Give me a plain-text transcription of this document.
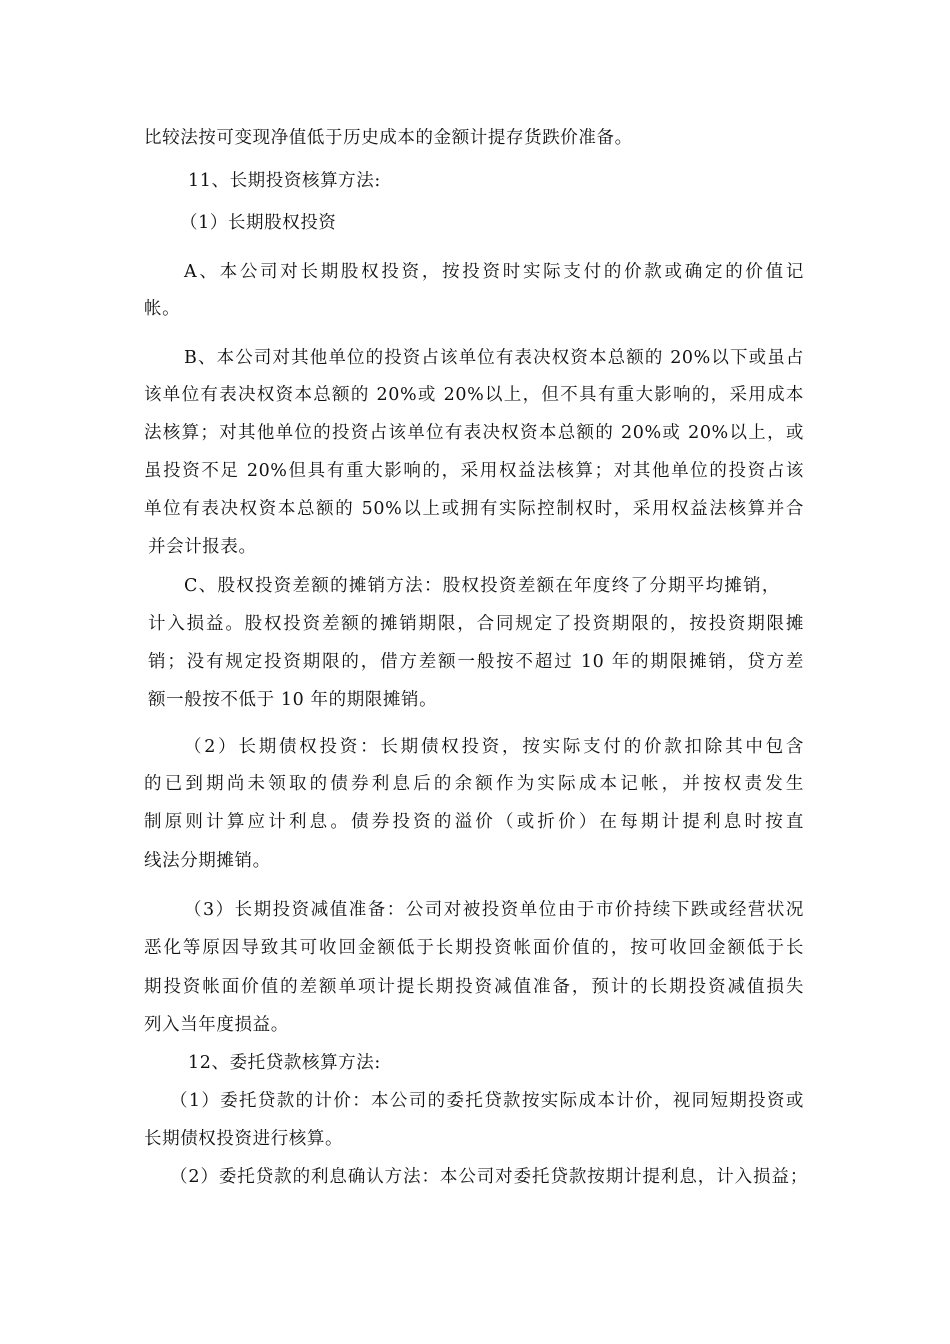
比较法按可变现净值低于历史成本的金额计提存货跌价准备。
11、长期投资核算方法:
（1）长期股权投资
A、本公司对长期股权投资，按投资时实际支付的价款或确定的价值记
帐。
B、本公司对其他单位的投资占该单位有表决权资本总额的 20%以下或虽占
该单位有表决权资本总额的 20%或 20%以上，但不具有重大影响的，采用成本
法核算；对其他单位的投资占该单位有表决权资本总额的 20%或 20%以上，或
虽投资不足 20%但具有重大影响的，采用权益法核算；对其他单位的投资占该
单位有表决权资本总额的 50%以上或拥有实际控制权时，采用权益法核算并合
并会计报表。
C、股权投资差额的摊销方法：股权投资差额在年度终了分期平均摊销，
计入损益。股权投资差额的摊销期限，合同规定了投资期限的，按投资期限摊
销；没有规定投资期限的，借方差额一般按不超过 10 年的期限摊销，贷方差
额一般按不低于 10 年的期限摊销。
（2）长期债权投资：长期债权投资，按实际支付的价款扣除其中包含
的已到期尚未领取的债券利息后的余额作为实际成本记帐，并按权责发生
制原则计算应计利息。债券投资的溢价（或折价）在每期计提利息时按直
线法分期摊销。
（3）长期投资减值准备：公司对被投资单位由于市价持续下跌或经营状况
恶化等原因导致其可收回金额低于长期投资帐面价值的，按可收回金额低于长
期投资帐面价值的差额单项计提长期投资减值准备，预计的长期投资减值损失
列入当年度损益。
12、委托贷款核算方法:
（1）委托贷款的计价：本公司的委托贷款按实际成本计价，视同短期投资或
长期债权投资进行核算。
（2）委托贷款的利息确认方法：本公司对委托贷款按期计提利息，计入损益；
